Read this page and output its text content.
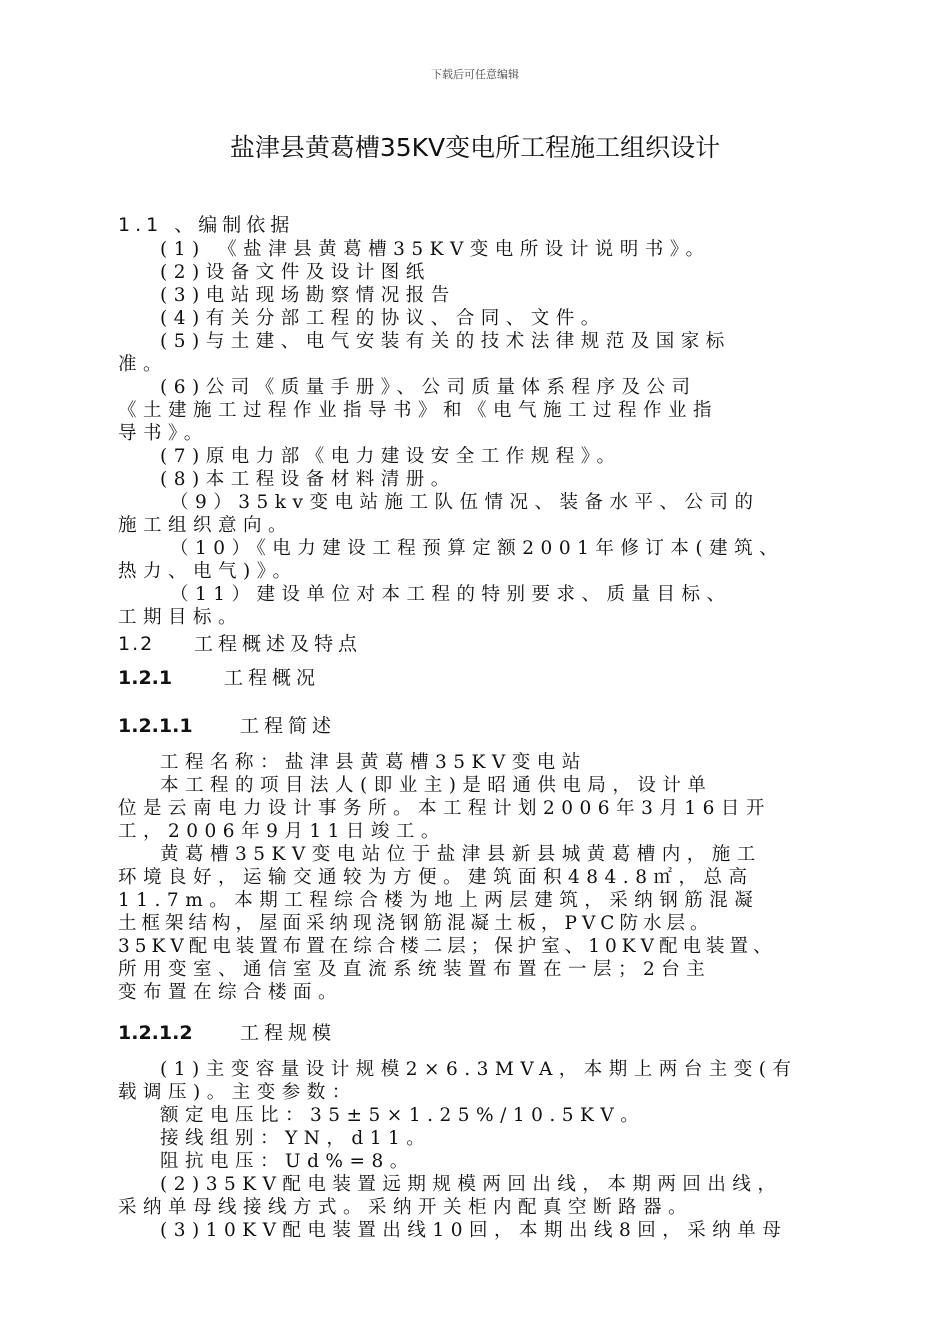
下载后可任意编辑
盐津县黄葛槽35KV变电所工程施工组织设计
1.1 、编制依据
(1) 《盐津县黄葛槽35KV变电所设计说明书》。
(2)设备文件及设计图纸
(3)电站现场勘察情况报告
(4)有关分部工程的协议、合同、文件。
(5)与土建、电气安装有关的技术法律规范及国家标
准。
(6)公司《质量手册》、公司质量体系程序及公司
《土建施工过程作业指导书》和《电气施工过程作业指
导书》。
(7)原电力部《电力建设安全工作规程》。
(8)本工程设备材料清册。
（9）35kv变电站施工队伍情况、装备水平、公司的
施工组织意向。
（10）《电力建设工程预算定额2001年修订本(建筑、
热力、电气)》。
（11）建设单位对本工程的特别要求、质量目标、
工期目标。
1.2 工程概述及特点
1.2.1	工程概况
1.2.1.1 工程简述
工程名称：盐津县黄葛槽35KV变电站
本工程的项目法人(即业主)是昭通供电局，设计单
位是云南电力设计事务所。本工程计划2006年3月16日开
工，2006年9月11日竣工。
黄葛槽35KV变电站位于盐津县新县城黄葛槽内，施工
环境良好，运输交通较为方便。建筑面积484.8㎡，总高
11.7m。本期工程综合楼为地上两层建筑，采纳钢筋混凝
土框架结构，屋面采纳现浇钢筋混凝土板，PVC防水层。
35KV配电装置布置在综合楼二层；保护室、10KV配电装置、
所用变室、通信室及直流系统装置布置在一层；2台主
变布置在综合楼面。
1.2.1.2 工程规模
(1)主变容量设计规模2×6.3MVA，本期上两台主变(有
载调压)。主变参数：
额定电压比：35±5×1.25%/10.5KV。
接线组别：YN，d11。
阻抗电压：Ud%=8。
(2)35KV配电装置远期规模两回出线，本期两回出线，
采纳单母线接线方式。采纳开关柜内配真空断路器。
(3)10KV配电装置出线10回，本期出线8回，采纳单母
